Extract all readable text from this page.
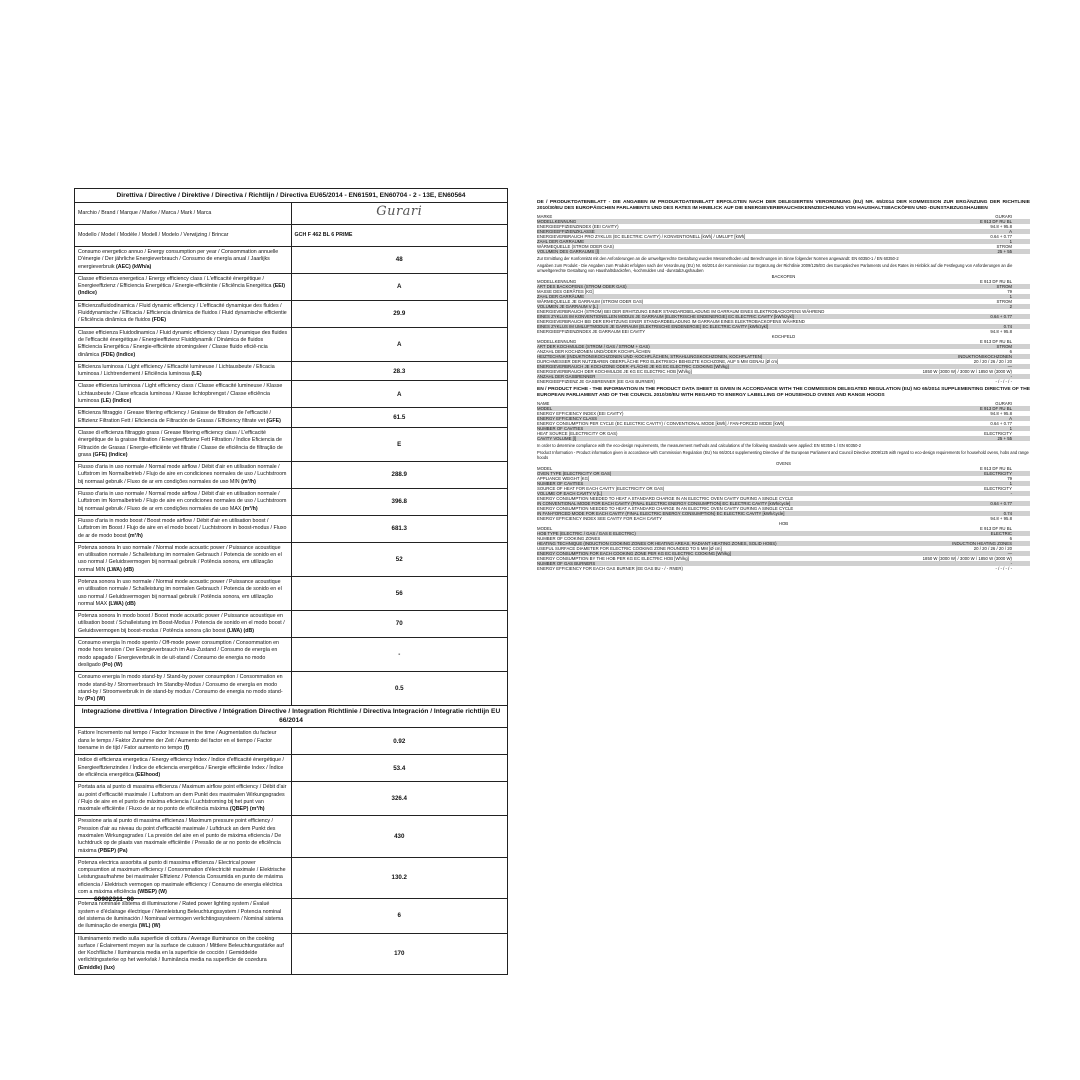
Direttiva / Directive / Direktive / Directiva / Richtlijn / Directiva EU65/2014 - EN61591, EN60704 - 2 - 13E, EN60564	
Marchio / Brand / Marque / Marke / Marca / Mark / Marca	Gurari
Modello / Model / Modèle / Modell / Modelo / Verwijzing / Brincar	GCH F 462 BL 6 PRIME
Consumo energetico annuo / Energy consumption per year / Consommation annuelle D'énergie / Der jährliche Energieverbrauch / Consumo de energía anual / Jaarlijks energieverbruik (AEC) (kWh/a)	48
Classe efficienza energetica / Energy efficiency class / L'efficacité énergétique / Energieeffizienz / Efficiencia Energética / Energie-efficiëntie / Eficiência Energética (EEI) (Indice)	A
Efficienzafluidodinamica / Fluid dynamic efficiency / L'efficacité dynamique des fluides / Fluiddynamische / Efficacia / Efficiencia dinámica de fluidos / Fluid dynamische efficientie / Eficiência dinâmica de fluidos (FDE)	29.9
Classe efficienza Fluidodinamica / Fluid dynamic efficiency class / Dynamique des fluides de l'efficacité énergétique / Energieeffizienz Fluiddynamik / Dinámica de fluidos Efficiencia Energética / Energie-efficiënte stromingsleer / Classe fluido eficiê-ncia dinâmica (FDE) (Indice)	A
Efficienza luminosa / Light efficiency / Efficacité lumineuse / Lichtausbeute / Eficacia luminosa / Lichtrendement / Eficiência luminosa (LE)	28.3
Classe efficienza luminosa / Light efficiency class / Classe efficacité lumineuse / Klasse Lichtausbeute / Clase eficacia luminosa / Klasse lichtopbrengst / Classe eficiência luminosa (LE) (Indice)	A
Efficienza filtraggio / Grease filtering efficiency / Graisse de filtration de l'efficacité / Effizienz Filtration Fett / Eficiencia de Filtración de Grasas / Efficiency filtrate vet (GFE)	61.5
Classe di efficienza filtraggio grass / Grease filtering efficiency class / L'efficacité énergétique de la graisse filtration / Energieeffizienz Fett Filtration / Indice Eficiencia de Filtración de Grasas / Energie-efficiënte vet filtratie / Classe de eficiência de filtração de graxa (GFE) (Indice)	E
Flusso d'aria in uso normale / Normal mode airflow / Débit d'air en utilisation normale / Luftstrom im Normalbetrieb / Flujo de aire en condiciones normales de uso / Luchtstroom bij normaal gebruik / Fluxo de ar em condições normales de uso MIN (m³/h)	288.9
Flusso d'aria in uso normale / Normal mode airflow / Débit d'air en utilisation normale / Luftstrom im Normalbetrieb / Flujo de aire en condiciones normales de uso / Luchtstroom bij normaal gebruik / Fluxo de ar em condições normales de uso MAX (m³/h)	396.8
Flusso d'aria in modo boost / Boost mode airflow / Débit d'air en utilisation boost / Luftstrom im Boost / Flujo de aire en el modo boost / Luchtstroom in boost-modus / Fluxo de ar de modo boost (m³/h)	681.3
Potenza sonora In uso normale / Normal mode acoustic power / Puissance acoustique en utilisation normale / Schalleistung im normalen Gebrauch / Potencia de sonido en el uso normal / Geluidsvermogen bij normaal gebruik / Potência sonora, em utilização normal MIN (LWA) (dB)	52
Potenza sonora In uso normale / Normal mode acoustic power / Puissance acoustique en utilisation normale / Schalleistung im normalen Gebrauch / Potencia de sonido en el uso normal / Geluidsvermogen bij normaal gebruik / Potência sonora, em utilização normal MAX (LWA) (dB)	56
Potenza sonora In modo boost / Boost mode acoustic power / Puissance acoustique en utilisation boost / Schalleistung im Boost-Modus / Potencia de sonido en el modo boost / Geluidsvermogen bij boost-modus / Potência sonora ção boost (LWA) (dB)	70
Consumo energia In modo spento / Off-mode power consumption / Consommation en mode hors tension / Der Energieverbrauch im Aus-Zustand / Consumo de energía en modo apagado / Energieverbruik in de uit-stand / Consumo de energia no modo desligado (Po) (W)	-
Consumo energia In modo stand-by / Stand-by power consumption / Consommation en mode stand-by / Stromverbrauch Im Standby-Modus / Consumo de energía en modo stand-by / Stroomverbruik in de stand-by modus / Consumo de energia no modo stand-by (Ps) (W)	0.5
Integrazione direttiva / Integration Directive / Intégration Directive / Integration Richtlinie / Directiva Integración / Integratie richtlijn EU 66/2014	
Fattore Incremento nal tempo / Factor Increase in the time / Augmentation du facteur dans le temps / Faktor Zunahme der Zeit / Aumento del factor en el tiempo / Factor toename in de tijd / Fator aumento no tempo (f)	0.92
Indice di efficienza energetica / Energy efficiency Index / Indice d'efficacité énergétique / Energieeffizienzindex / Índice de eficiencia energética / Energie efficiëntie Index / Índice de eficiência energética (EEIhood)	53.4
Portata aria al punto di massima efficienza / Maximum airflow point efficiency / Débit d'air au point d'efficacité maximale / Luftstrom an dem Punkt des maximalen Wirkungsgrades / Flujo de aire en el punto de máxima eficiencia / Luchtstroming bij het punt van maximale efficiëntie / Fluxo de ar no ponto de eficiência máxima (QBEP) (m³/h)	326.4
Pressione aria al punto di massima efficienza / Maximum pressure point efficiency / Pression d'air au niveau du point d'efficacité maximale / Luftdruck an dem Punkt des maximalen Wirkungsgrades / La presión del aire en el punto de máxima eficiencia / De luchtdruck op de plaats van maximale efficiëntie / Pressão de ar no ponto de eficiência máxima (PBEP) (Pa)	430
Potenza electrica assorbita al punto di massima efficienza / Electrical power compsumtion at maximum efficiency / Consommation d'électricité maximale / Elektrische Leistungsaufnahme bei maximaler Effizienz / Potencia Consumida en punto de máxima eficiencia / Elektrisch vermogen op maximale efficiency / Consumo de energia eléctrica com a máxima eficiência (WBEP) (W)	130.2
Potenza nominale sistema di illuminazione / Rated power lighting system / Évalué system e d'éclairage électrique / Nennleistung Beleuchtungssystem / Potencia nominal del sistema de iluminación / Nominaal vermogen verlichtingssysteem / Nominal sistema de iluminação de energia (WL) (W)	6
Illuminamento medio sulla superficie di cottura / Average illuminance on the cooking surface / Éclairement moyen sur la surface de cuisson / Mittlere Beleuchtungsstärke auf der Kochfläche / Iluminancia media en la superficie de cocción / Gemiddelde verlichtingssterke op het werkvlak / Iluminância media na superfície de cozedura (Emiddle) (lux)	170
60902311_00
DE / PRODUKTDATENBLATT - DIE ANGABEN IM PRODUKTDATENBLATT ERFOLGTEN NACH DER DELEGIERTEN VERORDNUNG (EU) NR. 65/2014 DER KOMMISSION ZUR ERGÄNZUNG DER RICHTLINIE 2010/30/EU DES EUROPÄISCHEN PARLAMENTS UND DES RATES IM HINBLICK AUF DIE ENERGIEVERBRAUCHSKENNZEICHNUNG VON HAUSHALTSBACKÖFEN UND -DUNSTABZUGSHAUBEN
MARKE	GURARI
MODELLKENNUNG	E 913 DF RU BL
ENERGIEEFFIZIENZINDEX (EEI CAVITY)	94.8 + 95.8
ENERGIEEFFIZIENZKLASSE	A
ENERGIEVERBRAUCH PRO ZYKLUS (EC ELECTRIC CAVITY) / KONVENTIONELL [kWh] / UMLUFT [kWh]	0.64 + 0.77
ZAHL DER GARRAUME	1
WÄRMEQUELLE (STROM ODER GAS)	STROM
VOLUMEN DES GARRAUMS [l]	25 + 55
Zur Ermittlung der Konformität mit den Anforderungen an die umweltgerechte Gestaltung wurden Messmethoden und Berechnungen im Sinne folgender Normen angewandt: EN 60350-1 / EN 60350-2
Angaben zum Produkt - Die Angaben zum Produkt erfolgten nach der Verordnung (EU) Nr. 66/2014 der Kommission zur Ergänzung der Richtlinie 2009/125/EG des Europäischen Parlaments und des Rates im Hinblick auf die Festlegung von Anforderungen an die umweltgerechte Gestaltung von Haushaltsbacköfen, -kochmulden und -dunstabzugshauben
BACKOFEN
MODELLKENNUNG	E 913 DF RU BL
ART DES BACKOFENS (STROM ODER GAS)	STROM
MASSE DES GERÄTES [KG]	79
ZAHL DER GARRÄUME	1
WÄRMEQUELLE JE GARRAUM (STROM ODER GAS)	STROM
VOLUMEN JE GARRAUM V [L]	2
ENERGIEVERBRAUCH (STROM) BEI DER ERHITZUNG EINER STANDARDBELADUNG IM GARRAUM EINES ELEKTROBACKOFENS WÄHREND
EINES ZYKLUS IM KONVENTIONELLEN MODUS JE GARRAUM (ELEKTRISCHE ENDENERGIE) EC ELECTRIC CAVITY [kWh/zykl]	0.64 + 0.77
ENERGIEVERBRAUCH BEI DER ERHITZUNG EINER STANDARDBELADUNG IM GARRAUM EINES ELEKTROBACKOFENS WÄHREND
EINES ZYKLUS IM UMLUFTMODUS JE GARRAUM (ELEKTRISCHE ENDENERGIE) EC ELECTRIC CAVITY [kWh/zykl]	0.74
ENERGIEEFFIZIENZINDEX JE GARRAUM EEI CAVITY	94.8 + 95.8
KOCHFELD
MODELLKENNUNG	E 913 DF RU BL
ART DER KOCHMULDE (STROM / GAS / STROM + GAS)	STROM
ANZAHL DER KOCHZONEN UND/ODER KOCHFLÄCHEN	6
HEIZTECHNIK (INDUKTIONSKOCHZONEN UND -KOCHFLÄCHEN, STRAHLUNGSKOCHZONEN, KOCHPLATTEN)	INDUKTIONSKOCHZONEN
DURCHMESSER DER NUTZBAREN OBERFLÄCHE PRO ELEKTRISCH BEHEIZTE KOCHZONE, AUF 5 MM GENAU [Ø cm]	20 / 20 / 26 / 20 / 20
ENERGIEVERBRAUCH JE KOCHZONE ODER -FLÄCHE JE KG EC ELECTRIC COOKING [Wh/kg]	—
ENERGIEVERBRAUCH DER KOCHMULDE JE KG EC ELECTRIC HOB [Wh/kg]	1850 W (3000 W) / 3000 W / 1850 W (3000 W)
ANZAHL DER GASBRENNER	-
ENERGIEEFFIZIENZ JE GASBRENNER (EE GAS BURNER)	- / - / - / -
EN / PRODUCT FICHE - THE INFORMATION IN THE PRODUCT DATA SHEET IS GIVEN IN ACCORDANCE WITH THE COMMISSION DELEGATED REGULATION (EU) NO 65/2014 SUPPLEMENTING DIRECTIVE OF THE EUROPEAN PARLIAMENT AND OF THE COUNCIL 2010/30/EU WITH REGARD TO ENERGY LABELLING OF HOUSEHOLD OVENS AND RANGE HOODS
NAME	GURARI
MODEL	E 913 DF RU BL
ENERGY EFFICIENCY INDEX (EEI CAVITY)	94.8 + 95.8
ENERGY EFFICIENCY CLASS	A
ENERGY CONSUMPTION PER CYCLE (EC ELECTRIC CAVITY) / CONVENTIONAL MODE [kWh] / FAN-FORCED MODE [kWh]	0.64 + 0.77
NUMBER OF CAVITIES	1
HEAT SOURCE (ELECTRICITY OR GAS)	ELECTRICITY
CAVITY VOLUME [l]	25 + 55
In order to determine compliance with the eco-design requirements, the measurement methods and calculations of the following standards were applied: EN 60350-1 / EN 60350-2
Product Information - Product information given in accordance with Commission Regulation (EU) No 66/2014 supplementing Directive of the European Parliament and Council Directive 2009/125 with regard to eco-design requirements for household ovens, hobs and range hoods
OVENS
MODEL	E 913 DF RU BL
OVEN TYPE (ELECTRICITY OR GAS)	ELECTRICITY
APPLIANCE WEIGHT [KG]	79
NUMBER OF CAVITIES	1
SOURCE OF HEAT FOR EACH CAVITY (ELECTRICITY OR GAS)	ELECTRICITY
VOLUME OF EACH CAVITY V [L]	-
ENERGY CONSUMPTION NEEDED TO HEAT A STANDARD CHARGE IN AN ELECTRIC OVEN CAVITY DURING A SINGLE CYCLE
IN CONVENTIONAL MODE FOR EACH CAVITY (FINAL ELECTRIC ENERGY CONSUMPTION) EC ELECTRIC CAVITY [kWh/cycle]	0.64 + 0.77
ENERGY CONSUMPTION NEEDED TO HEAT A STANDARD CHARGE IN AN ELECTRIC OVEN CAVITY DURING A SINGLE CYCLE
IN FAN-FORCED MODE FOR EACH CAVITY (FINAL ELECTRIC ENERGY CONSUMPTION) EC ELECTRIC CAVITY [kWh/cycle]	0.74
ENERGY EFFICIENCY INDEX SEE CAVITY FOR EACH CAVITY	94.8 + 95.8
HOB
MODEL	E 913 DF RU BL
HOB TYPE (ELECTRIC / GAS / GAS E ELECTRIC)	ELECTRIC
NUMBER OF COOKING ZONES	6
HEATING TECHNIQUE (INDUCTION COOKING ZONES OR HEATING AREAS, RADIANT HEATING ZONES, SOLID HOBS)	INDUCTION HEATING ZONES
USEFUL SURFACE DIAMETER FOR ELECTRIC COOKING ZONE ROUNDED TO 5 MM [Ø cm]	20 / 20 / 26 / 20 / 20
ENERGY CONSUMPTION FOR EACH COOKING ZONE PER KG EC ELECTRIC COOKING [Wh/kg]	—
ENERGY CONSUMPTION BY THE HOB PER KG EC ELECTRIC HOB [Wh/kg]	1850 W (3000 W) / 3000 W / 1850 W (3000 W)
NUMBER OF GAS BURNERS	-
ENERGY EFFICIENCY FOR EACH GAS BURNER (EE GAS BU - / - RNER)	- / - / - / -
